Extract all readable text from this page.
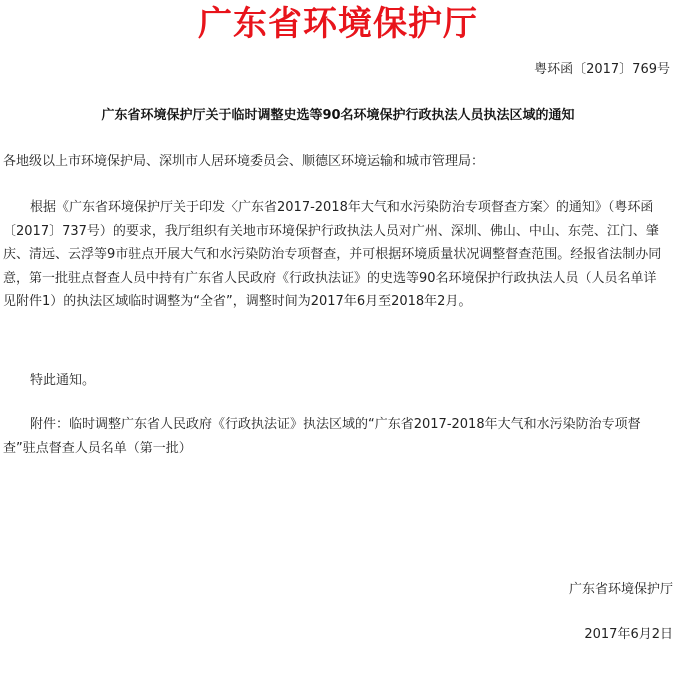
广东省环境保护厅
粤环函〔2017〕769号
广东省环境保护厅关于临时调整史选等90名环境保护行政执法人员执法区域的通知
各地级以上市环境保护局、深圳市人居环境委员会、顺德区环境运输和城市管理局：

根据《广东省环境保护厅关于印发〈广东省2017-2018年大气和水污染防治专项督查方案〉的通知》（粤环函〔2017〕737号）的要求，我厅组织有关地市环境保护行政执法人员对广州、深圳、佛山、中山、东莞、江门、肇庆、清远、云浮等9市驻点开展大气和水污染防治专项督查，并可根据环境质量状况调整督查范围。经报省法制办同意，第一批驻点督查人员中持有广东省人民政府《行政执法证》的史选等90名环境保护行政执法人员（人员名单详见附件1）的执法区域临时调整为“全省”，调整时间为2017年6月至2018年2月。

特此通知。

附件：临时调整广东省人民政府《行政执法证》执法区域的“广东省2017-2018年大气和水污染防治专项督查”驻点督查人员名单（第一批）

广东省环境保护厅
2017年6月2日
